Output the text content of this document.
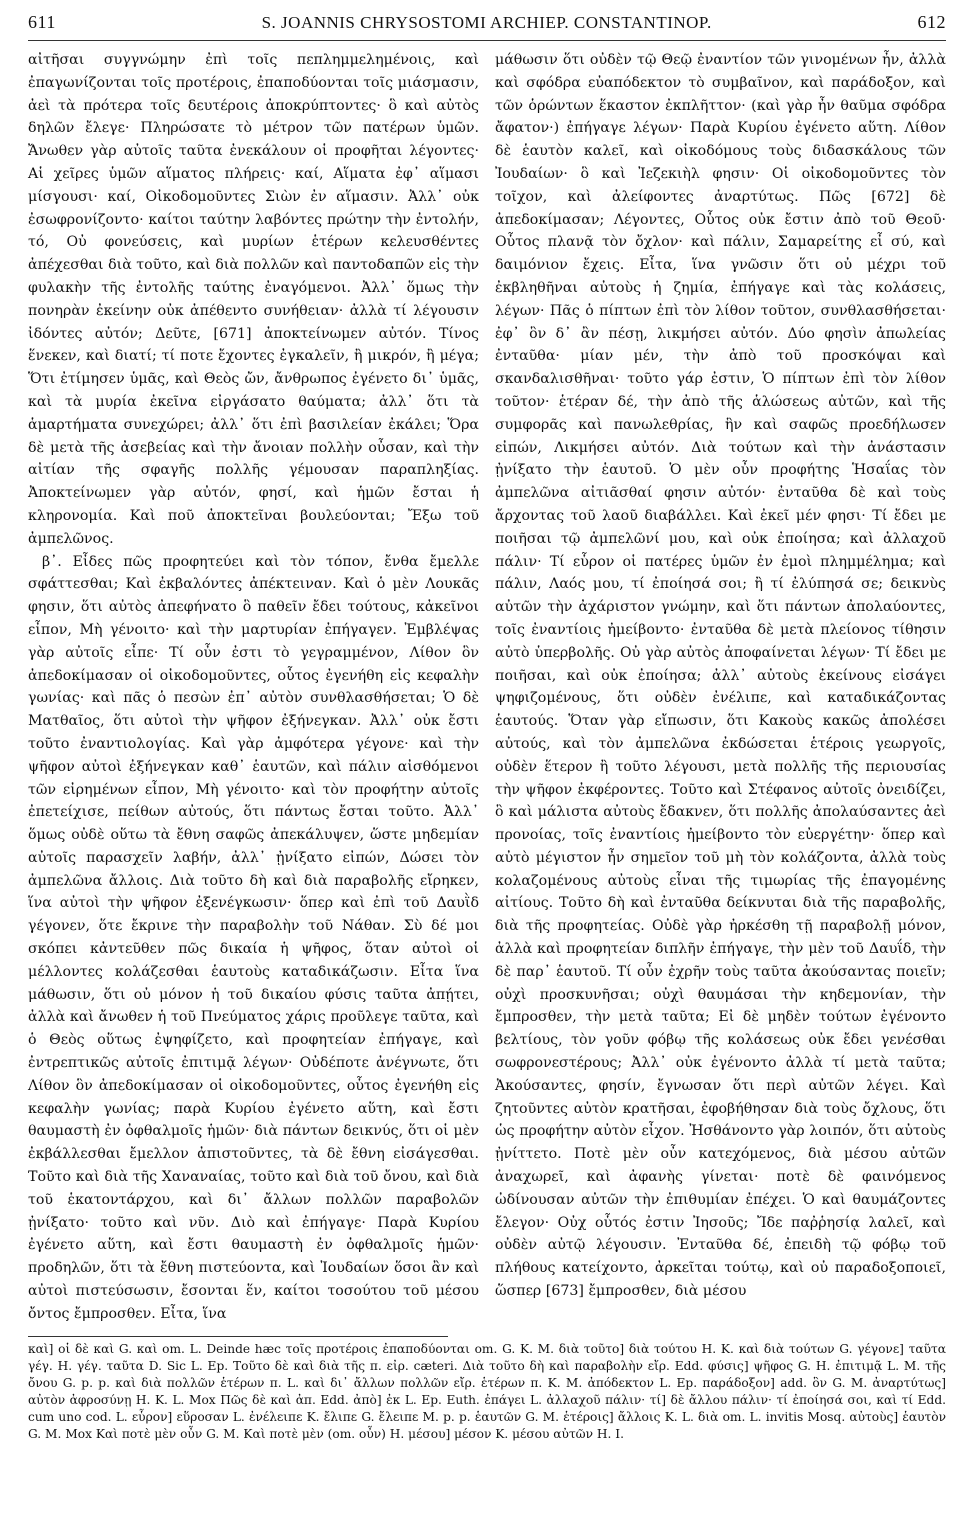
611	S. JOANNIS CHRYSOSTOMI ARCHIEP. CONSTANTINOP.	612

αἰτῆσαι συγγνώμην ἐπὶ τοῖς πεπλημμελημένοις, καὶ ἐπαγωνίζονται τοῖς προτέροις, ἐπαποδύονται τοῖς μιάσμασιν, ἀεὶ τὰ πρότερα τοῖς δευτέροις ἀποκρύπτοντες· ὃ καὶ αὐτὸς δηλῶν ἔλεγε· Πληρώσατε τὸ μέτρον τῶν πατέρων ὑμῶν. Ἄνωθεν γὰρ αὐτοῖς ταῦτα ἐνεκάλουν οἱ προφῆται λέγοντες· Αἱ χεῖρες ὑμῶν αἵματος πλήρεις· καί, Αἵματα ἐφ᾽ αἵμασι μίσγουσι· καί, Οἰκοδομοῦντες Σιὼν ἐν αἵμασιν. Ἀλλ᾽ οὐκ ἐσωφρονίζοντο· καίτοι ταύτην λαβόντες πρώτην τὴν ἐντολήν, τό, Οὐ φονεύσεις, καὶ μυρίων ἑτέρων κελευσθέντες ἀπέχεσθαι διὰ τοῦτο, καὶ διὰ πολλῶν καὶ παντοδαπῶν εἰς τὴν φυλακὴν τῆς ἐντολῆς ταύτης ἐναγόμενοι. Ἀλλ᾽ ὅμως τὴν πονηρὰν ἐκείνην οὐκ ἀπέθεντο συνήθειαν· ἀλλὰ τί λέγουσιν ἰδόντες αὐτόν; Δεῦτε, [671] ἀποκτείνωμεν αὐτόν. Τίνος ἕνεκεν, καὶ διατί; τί ποτε ἔχοντες ἐγκαλεῖν, ἢ μικρόν, ἢ μέγα; Ὅτι ἐτίμησεν ὑμᾶς, καὶ Θεὸς ὤν, ἄνθρωπος ἐγένετο δι᾽ ὑμᾶς, καὶ τὰ μυρία ἐκεῖνα εἰργάσατο θαύματα; ἀλλ᾽ ὅτι τὰ ἁμαρτήματα συνεχώρει; ἀλλ᾽ ὅτι ἐπὶ βασιλείαν ἐκάλει; Ὅρα δὲ μετὰ τῆς ἀσεβείας καὶ τὴν ἄνοιαν πολλὴν οὖσαν, καὶ τὴν αἰτίαν τῆς σφαγῆς πολλῆς γέμουσαν παραπληξίας. Ἀποκτείνωμεν γὰρ αὐτόν, φησί, καὶ ἡμῶν ἔσται ἡ κληρονομία. Καὶ ποῦ ἀποκτεῖναι βουλεύονται; Ἔξω τοῦ ἀμπελῶνος.

β᾽. Εἶδες πῶς προφητεύει καὶ τὸν τόπον, ἔνθα ἔμελλε σφάττεσθαι; Καὶ ἐκβαλόντες ἀπέκτειναν. Καὶ ὁ μὲν Λουκᾶς φησιν, ὅτι αὐτὸς ἀπεφήνατο ὃ παθεῖν ἔδει τούτους, κἀκεῖνοι εἶπον, Μὴ γένοιτο· καὶ τὴν μαρτυρίαν ἐπήγαγεν. Ἐμβλέψας γὰρ αὐτοῖς εἶπε· Τί οὖν ἐστι τὸ γεγραμμένον, Λίθον ὃν ἀπεδοκίμασαν οἱ οἰκοδομοῦντες, οὗτος ἐγενήθη εἰς κεφαλὴν γωνίας· καὶ πᾶς ὁ πεσὼν ἐπ᾽ αὐτὸν συνθλασθήσεται; Ὁ δὲ Ματθαῖος, ὅτι αὐτοὶ τὴν ψῆφον ἐξήνεγκαν. Ἀλλ᾽ οὐκ ἔστι τοῦτο ἐναντιολογίας. Καὶ γὰρ ἀμφότερα γέγονε· καὶ τὴν ψῆφον αὐτοὶ ἐξήνεγκαν καθ᾽ ἑαυτῶν, καὶ πάλιν αἰσθόμενοι τῶν εἰρημένων εἶπον, Μὴ γένοιτο· καὶ τὸν προφήτην αὐτοῖς ἐπετείχισε, πείθων αὐτούς, ὅτι πάντως ἔσται τοῦτο. Ἀλλ᾽ ὅμως οὐδὲ οὕτω τὰ ἔθνη σαφῶς ἀπεκάλυψεν, ὥστε μηδεμίαν αὐτοῖς παρασχεῖν λαβήν, ἀλλ᾽ ᾐνίξατο εἰπών, Δώσει τὸν ἀμπελῶνα ἄλλοις. Διὰ τοῦτο δὴ καὶ διὰ παραβολῆς εἴρηκεν, ἵνα αὐτοὶ τὴν ψῆφον ἐξενέγκωσιν· ὅπερ καὶ ἐπὶ τοῦ Δαυῒδ γέγονεν, ὅτε ἔκρινε τὴν παραβολὴν τοῦ Νάθαν. Σὺ δέ μοι σκόπει κἀντεῦθεν πῶς δικαία ἡ ψῆφος, ὅταν αὐτοὶ οἱ μέλλοντες κολάζεσθαι ἑαυτοὺς καταδικάζωσιν. Εἶτα ἵνα μάθωσιν, ὅτι οὐ μόνον ἡ τοῦ δικαίου φύσις ταῦτα ἀπῄτει, ἀλλὰ καὶ ἄνωθεν ἡ τοῦ Πνεύματος χάρις προῦλεγε ταῦτα, καὶ ὁ Θεὸς οὕτως ἐψηφίζετο, καὶ προφητείαν ἐπήγαγε, καὶ ἐντρεπτικῶς αὐτοῖς ἐπιτιμᾷ λέγων· Οὐδέποτε ἀνέγνωτε, ὅτι Λίθον ὃν ἀπεδοκίμασαν οἱ οἰκοδομοῦντες, οὗτος ἐγενήθη εἰς κεφαλὴν γωνίας; παρὰ Κυρίου ἐγένετο αὕτη, καὶ ἔστι θαυμαστὴ ἐν ὀφθαλμοῖς ἡμῶν· διὰ πάντων δεικνύς, ὅτι οἱ μὲν ἐκβάλλεσθαι ἔμελλον ἀπιστοῦντες, τὰ δὲ ἔθνη εἰσάγεσθαι. Τοῦτο καὶ διὰ τῆς Χαναναίας, τοῦτο καὶ διὰ τοῦ ὄνου, καὶ διὰ τοῦ ἑκατοντάρχου, καὶ δι᾽ ἄλλων πολλῶν παραβολῶν ᾐνίξατο· τοῦτο καὶ νῦν. Διὸ καὶ ἐπήγαγε· Παρὰ Κυρίου ἐγένετο αὕτη, καὶ ἔστι θαυμαστὴ ἐν ὀφθαλμοῖς ἡμῶν· προδηλῶν, ὅτι τὰ ἔθνη πιστεύοντα, καὶ Ἰουδαίων ὅσοι ἂν καὶ αὐτοὶ πιστεύσωσιν, ἔσονται ἕν, καίτοι τοσούτου τοῦ μέσου ὄντος ἔμπροσθεν. Εἶτα, ἵνα

μάθωσιν ὅτι οὐδὲν τῷ Θεῷ ἐναντίον τῶν γινομένων ἦν, ἀλλὰ καὶ σφόδρα εὐαπόδεκτον τὸ συμβαῖνον, καὶ παράδοξον, καὶ τῶν ὁρώντων ἕκαστον ἐκπλῆττον· (καὶ γὰρ ἦν θαῦμα σφόδρα ἄφατον·) ἐπήγαγε λέγων· Παρὰ Κυρίου ἐγένετο αὕτη. Λίθον δὲ ἑαυτὸν καλεῖ, καὶ οἰκοδόμους τοὺς διδασκάλους τῶν Ἰουδαίων· ὃ καὶ Ἰεζεκιὴλ φησιν· Οἱ οἰκοδομοῦντες τὸν τοῖχον, καὶ ἀλείφοντες ἀναρτύτως. Πῶς [672] δὲ ἀπεδοκίμασαν; Λέγοντες, Οὗτος οὐκ ἔστιν ἀπὸ τοῦ Θεοῦ· Οὗτος πλανᾷ τὸν ὄχλον· καὶ πάλιν, Σαμαρείτης εἶ σύ, καὶ δαιμόνιον ἔχεις. Εἶτα, ἵνα γνῶσιν ὅτι οὐ μέχρι τοῦ ἐκβληθῆναι αὐτοὺς ἡ ζημία, ἐπήγαγε καὶ τὰς κολάσεις, λέγων· Πᾶς ὁ πίπτων ἐπὶ τὸν λίθον τοῦτον, συνθλασθήσεται· ἐφ᾽ ὃν δ᾽ ἂν πέσῃ, λικμήσει αὐτόν. Δύο φησὶν ἀπωλείας ἐνταῦθα· μίαν μέν, τὴν ἀπὸ τοῦ προσκόψαι καὶ σκανδαλισθῆναι· τοῦτο γάρ ἐστιν, Ὁ πίπτων ἐπὶ τὸν λίθον τοῦτον· ἑτέραν δέ, τὴν ἀπὸ τῆς ἁλώσεως αὐτῶν, καὶ τῆς συμφορᾶς καὶ πανωλεθρίας, ἣν καὶ σαφῶς προεδήλωσεν εἰπών, Λικμήσει αὐτόν. Διὰ τούτων καὶ τὴν ἀνάστασιν ᾐνίξατο τὴν ἑαυτοῦ. Ὁ μὲν οὖν προφήτης Ἡσαΐας τὸν ἀμπελῶνα αἰτιᾶσθαί φησιν αὐτόν· ἐνταῦθα δὲ καὶ τοὺς ἄρχοντας τοῦ λαοῦ διαβάλλει. Καὶ ἐκεῖ μέν φησι· Τί ἔδει με ποιῆσαι τῷ ἀμπελῶνί μου, καὶ οὐκ ἐποίησα; καὶ ἀλλαχοῦ πάλιν· Τί εὗρον οἱ πατέρες ὑμῶν ἐν ἐμοὶ πλημμέλημα; καὶ πάλιν, Λαός μου, τί ἐποίησά σοι; ἢ τί ἐλύπησά σε; δεικνὺς αὐτῶν τὴν ἀχάριστον γνώμην, καὶ ὅτι πάντων ἀπολαύοντες, τοῖς ἐναντίοις ἠμείβοντο· ἐνταῦθα δὲ μετὰ πλείονος τίθησιν αὐτὸ ὑπερβολῆς. Οὐ γὰρ αὐτὸς ἀποφαίνεται λέγων· Τί ἔδει με ποιῆσαι, καὶ οὐκ ἐποίησα; ἀλλ᾽ αὐτοὺς ἐκείνους εἰσάγει ψηφιζομένους, ὅτι οὐδὲν ἐνέλιπε, καὶ καταδικάζοντας ἑαυτούς. Ὅταν γὰρ εἴπωσιν, ὅτι Κακοὺς κακῶς ἀπολέσει αὐτούς, καὶ τὸν ἀμπελῶνα ἐκδώσεται ἑτέροις γεωργοῖς, οὐδὲν ἕτερον ἢ τοῦτο λέγουσι, μετὰ πολλῆς τῆς περιουσίας τὴν ψῆφον ἐκφέροντες. Τοῦτο καὶ Στέφανος αὐτοῖς ὀνειδίζει, ὃ καὶ μάλιστα αὐτοὺς ἔδακνεν, ὅτι πολλῆς ἀπολαύσαντες ἀεὶ προνοίας, τοῖς ἐναντίοις ἠμείβοντο τὸν εὐεργέτην· ὅπερ καὶ αὐτὸ μέγιστον ἦν σημεῖον τοῦ μὴ τὸν κολάζοντα, ἀλλὰ τοὺς κολαζομένους αὐτοὺς εἶναι τῆς τιμωρίας τῆς ἐπαγομένης αἰτίους. Τοῦτο δὴ καὶ ἐνταῦθα δείκνυται διὰ τῆς παραβολῆς, διὰ τῆς προφητείας. Οὐδὲ γὰρ ἠρκέσθη τῇ παραβολῇ μόνον, ἀλλὰ καὶ προφητείαν διπλῆν ἐπήγαγε, τὴν μὲν τοῦ Δαυΐδ, τὴν δὲ παρ᾽ ἑαυτοῦ. Τί οὖν ἐχρῆν τοὺς ταῦτα ἀκούσαντας ποιεῖν; οὐχὶ προσκυνῆσαι; οὐχὶ θαυμάσαι τὴν κηδεμονίαν, τὴν ἔμπροσθεν, τὴν μετὰ ταῦτα; Εἰ δὲ μηδὲν τούτων ἐγένοντο βελτίους, τὸν γοῦν φόβῳ τῆς κολάσεως οὐκ ἔδει γενέσθαι σωφρονεστέρους; Ἀλλ᾽ οὐκ ἐγένοντο ἀλλὰ τί μετὰ ταῦτα; Ἀκούσαντες, φησίν, ἔγνωσαν ὅτι περὶ αὐτῶν λέγει. Καὶ ζητοῦντες αὐτὸν κρατῆσαι, ἐφοβήθησαν διὰ τοὺς ὄχλους, ὅτι ὡς προφήτην αὐτὸν εἶχον. Ἠσθάνοντο γὰρ λοιπόν, ὅτι αὐτοὺς ᾐνίττετο. Ποτὲ μὲν οὖν κατεχόμενος, διὰ μέσου αὐτῶν ἀναχωρεῖ, καὶ ἀφανὴς γίνεται· ποτὲ δὲ φαινόμενος ὠδίνουσαν αὐτῶν τὴν ἐπιθυμίαν ἐπέχει. Ὁ καὶ θαυμάζοντες ἔλεγον· Οὐχ οὗτός ἐστιν Ἰησοῦς; Ἴδε παῤῥησίᾳ λαλεῖ, καὶ οὐδὲν αὐτῷ λέγουσιν. Ἐνταῦθα δέ, ἐπειδὴ τῷ φόβῳ τοῦ πλήθους κατείχοντο, ἀρκεῖται τούτῳ, καὶ οὐ παραδοξοποιεῖ, ὥσπερ [673] ἔμπροσθεν, διὰ μέσου

καὶ] οἱ δὲ καὶ G. καὶ om. L. Deinde hæc τοῖς προτέροις ἐπαποδύονται om. G. K. M. διὰ τοῦτο] διὰ τούτου H. K. καὶ διὰ τούτων G. γέγονε] ταῦτα γέγ. H. γέγ. ταῦτα D. Sic L. Ep. Τοῦτο δὲ καὶ διὰ τῆς π. εἰρ. cæteri. Διὰ τοῦτο δὴ καὶ παραβολὴν εἴρ. Edd. φύσις] ψῆφος G. H. ἐπιτιμᾷ L. M. τῆς ὄνου G. p. p. καὶ διὰ πολλῶν ἑτέρων π. L. καὶ δι᾽ ἄλλων πολλῶν εἴρ. ἑτέρων π. K. M. ἀπόδεκτον L. Ep. παράδοξον] add. ὃν G. M. ἀναρτύτως] αὐτὸν ἀφροσύνῃ H. K. L. Mox Πῶς δὲ καὶ ἀπ. Edd. ἀπὸ] ἐκ L. Ep. Euth. ἐπάγει L. ἀλλαχοῦ πάλιν· τί] δὲ ἄλλου πάλιν· τί ἐποίησά σοι, καὶ τί Edd. cum uno cod. L. εὗρον] εὕροσαν L. ἐνέλειπε K. ἔλιπε G. ἔλειπε M. p. p. ἑαυτῶν G. M. ἑτέροις] ἄλλοις K. L. διὰ om. L. invitis Mosq. αὐτοὺς] ἑαυτὸν G. M. Mox Καὶ ποτὲ μὲν οὖν G. M. Καὶ ποτὲ μὲν (om. οὖν) H. μέσου] μέσον K. μέσου αὐτῶν H. I.
